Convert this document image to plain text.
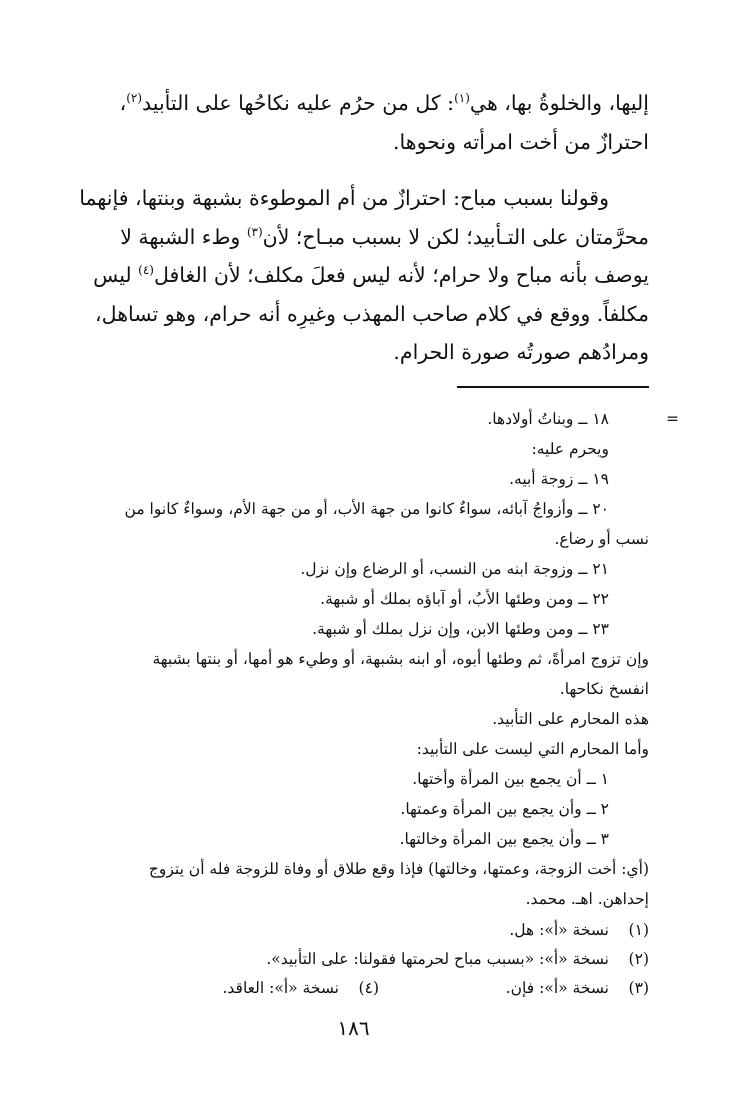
إليها، والخلوةُ بها، هي$^{(١)}$: كل من حرُم عليه نكاحُها على التأبيد$^{(٢)}$،
احترازٌ من أخت امرأته ونحوها.

وقولنا بسبب مباح: احترازٌ من أم الموطوءة بشبهة وبنتها، فإنهما
محرَّمتان على التـأبيد؛ لكن لا بسبب مبـاح؛ لأن$^{(٣)}$ وطء الشبهة لا
يوصف بأنه مباح ولا حرام؛ لأنه ليس فعلَ مكلف؛ لأن الغافل$^{(٤)}$ ليس
مكلفاً. ووقع في كلام صاحب المهذب وغيرِه أنه حرام، وهو تساهل،
ومرادُهم صورتُه صورة الحرام.

=
١٨ ــ وبناتُ أولادها.
ويحرم عليه:
١٩ ــ زوجة أبيه.
٢٠ ــ وأزواجُ آبائه، سواءٌ كانوا من جهة الأب، أو من جهة الأم، وسواءٌ كانوا من
نسب أو رضاع.
٢١ ــ وزوجة ابنه من النسب، أو الرضاع وإن نزل.
٢٢ ــ ومن وطئها الأبُ، أو آباؤه بملك أو شبهة.
٢٣ ــ ومن وطئها الابن، وإن نزل بملك أو شبهة.
وإن تزوج امرأةً، ثم وطئها أبوه، أو ابنه بشبهة، أو وطيء هو أمها، أو بنتها بشبهة
انفسخ نكاحها.
هذه المحارم على التأبيد.
وأما المحارم التي ليست على التأبيد:
١ ــ أن يجمع بين المرأة وأختها.
٢ ــ وأن يجمع بين المرأة وعمتها.
٣ ــ وأن يجمع بين المرأة وخالتها.
(أي: أخت الزوجة، وعمتها، وخالتها) فإذا وقع طلاق أو وفاة للزوجة فله أن يتزوج
إحداهن. اهـ. محمد.
(١)نسخة «أ»: هل.
(٢)نسخة «أ»: «بسبب مباح لحرمتها فقولنا: على التأبيد».
(٣)نسخة «أ»: فإن.
(٤)نسخة «أ»: العاقد.
١٨٦
